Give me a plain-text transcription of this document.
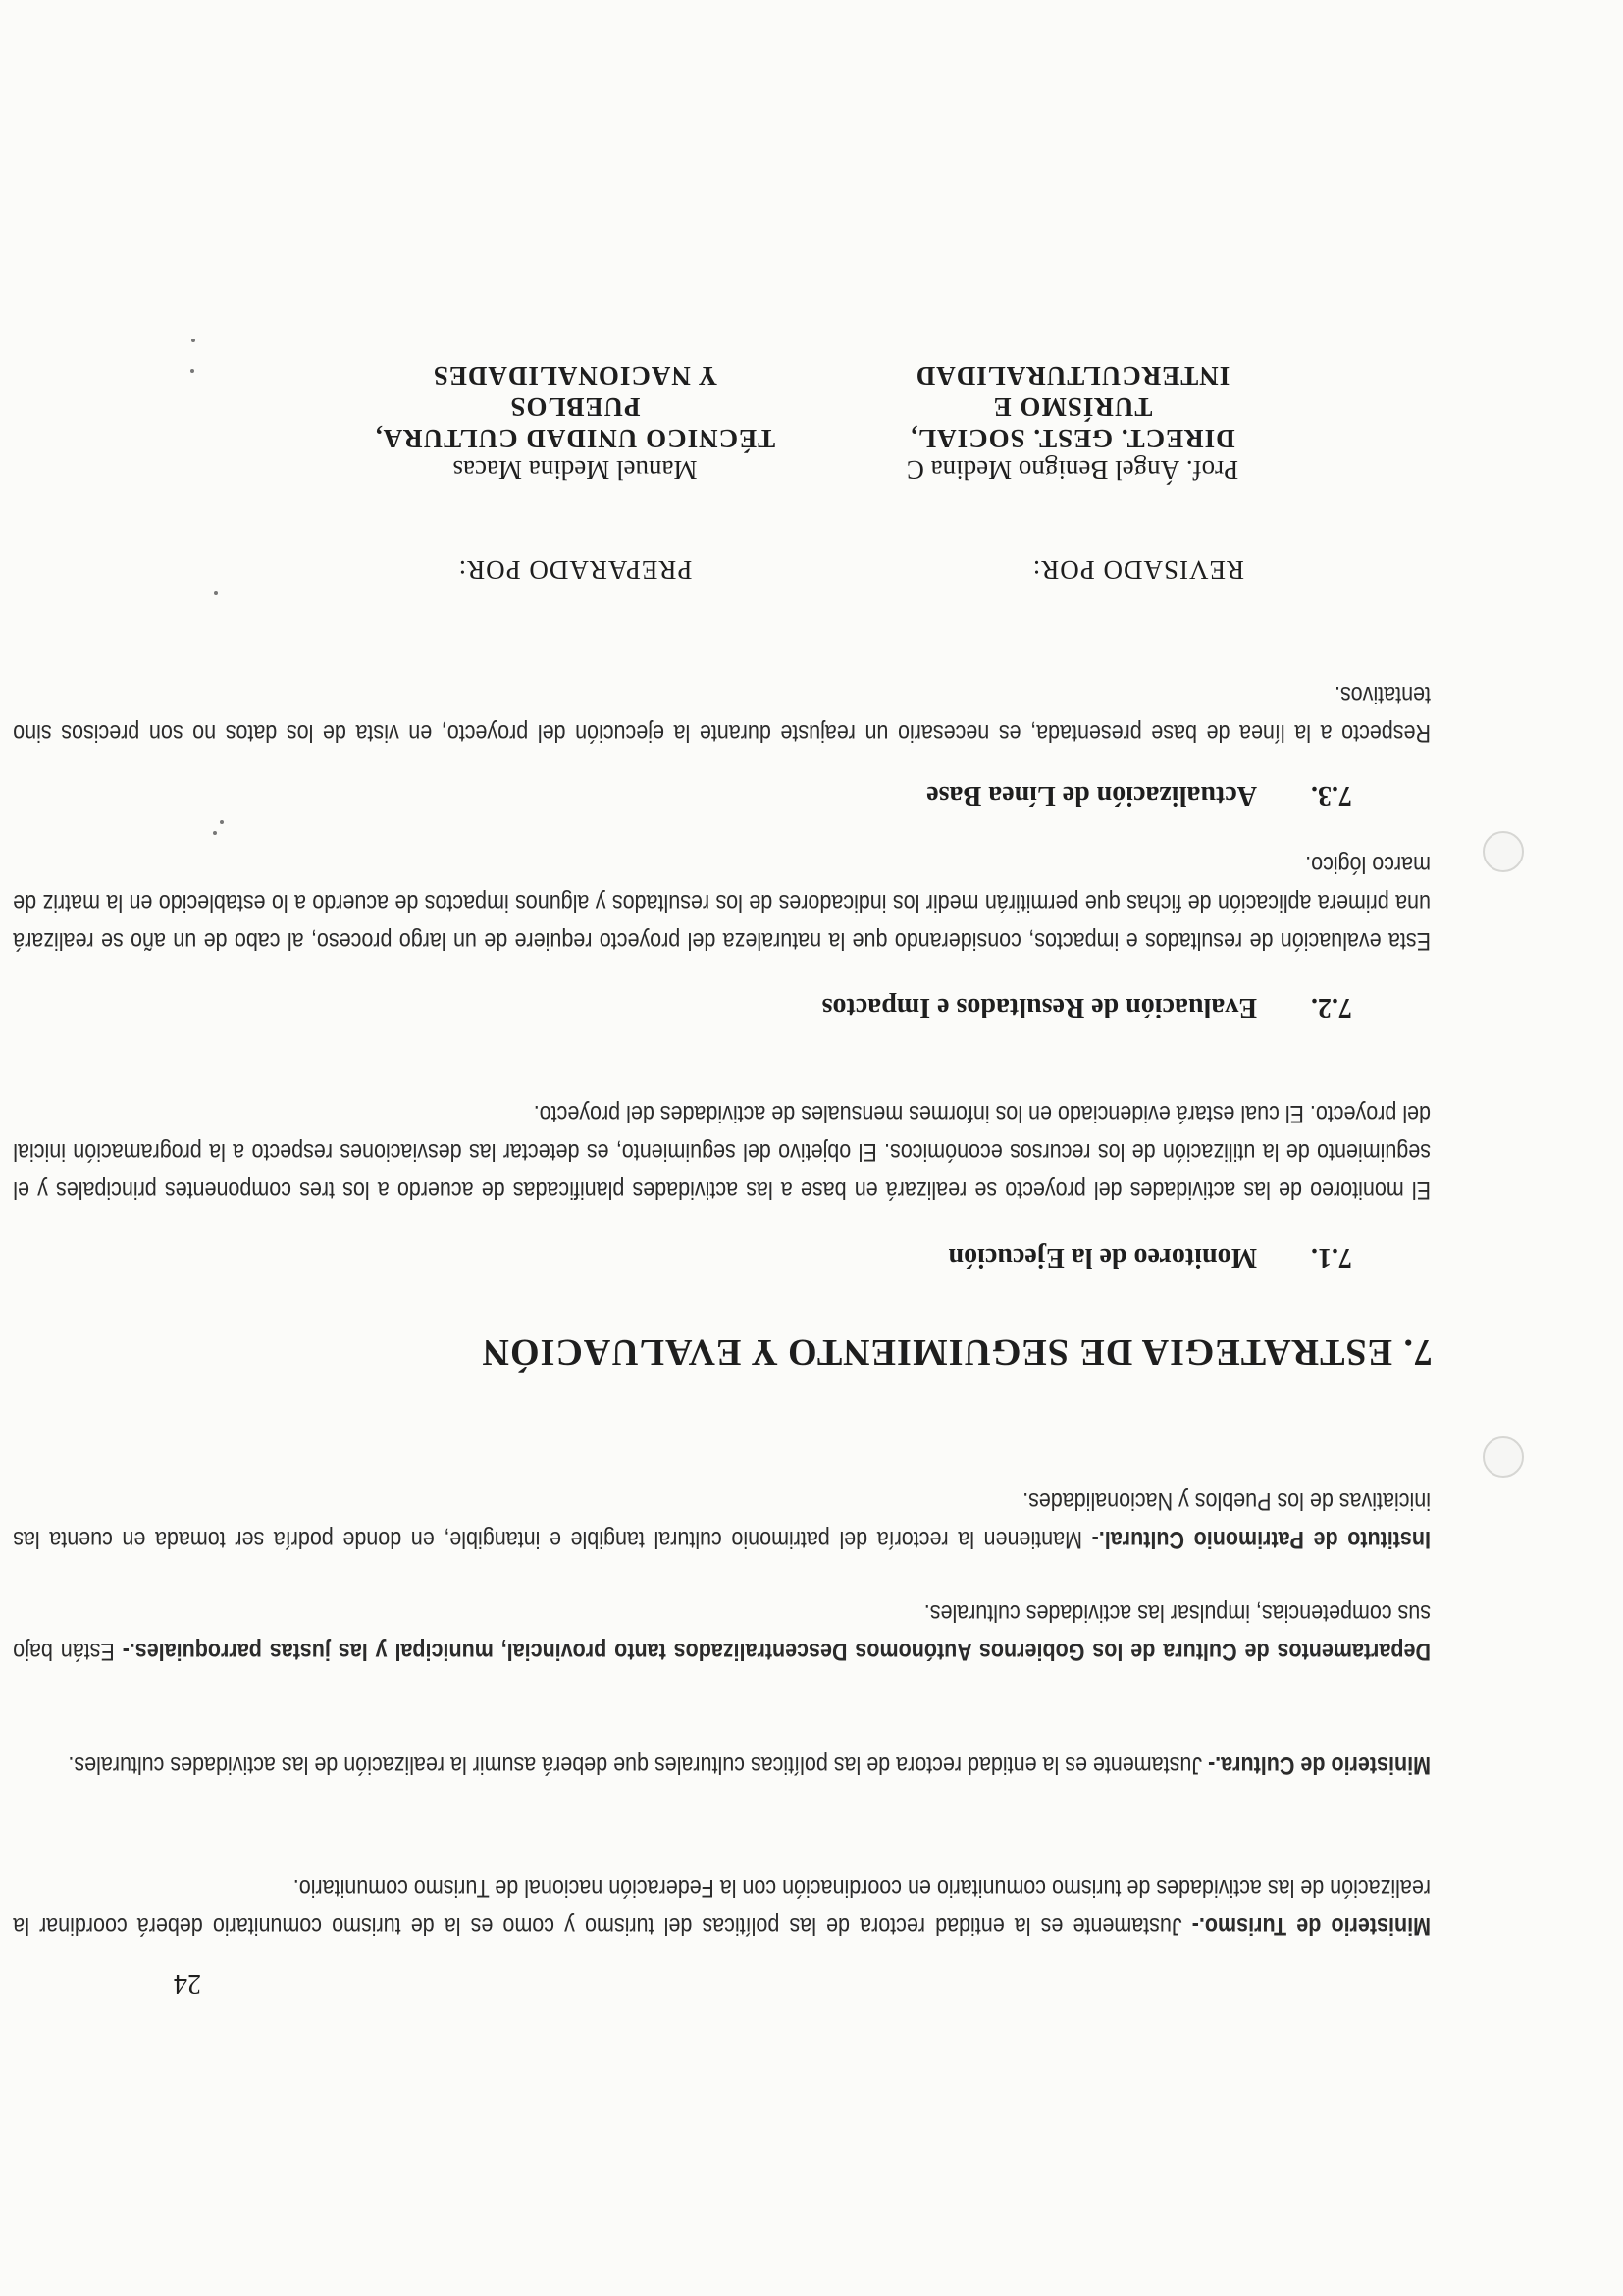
24

Ministerio de Turismo.- Justamente es la entidad rectora de las políticas del turismo y como es la de turismo comunitario deberá coordinar la realización de las actividades de turismo comunitario en coordinación con la Federación nacional de Turismo comunitario.

Ministerio de Cultura.- Justamente es la entidad rectora de las políticas culturales que deberá asumir la realización de las actividades culturales.

Departamentos de Cultura de los Gobiernos Autónomos Descentralizados tanto provincial, municipal y las justas parroquiales.- Están bajo sus competencias, impulsar las actividades culturales.

Instituto de Patrimonio Cultural.- Mantienen la rectoría del patrimonio cultural tangible e intangible, en donde podría ser tomada en cuenta las iniciativas de los Pueblos y Nacionalidades.

7. ESTRATEGIA DE SEGUIMIENTO Y EVALUACIÓN
7.1.Monitoreo de la Ejecución

El monitoreo de las actividades del proyecto se realizará en base a las actividades planificadas de acuerdo a los tres componentes principales y el seguimiento de la utilización de los recursos económicos. El objetivo del seguimiento, es detectar las desviaciones respecto a la programación inicial del proyecto. El cual estará evidenciado en los informes mensuales de actividades del proyecto.

7.2.Evaluación de Resultados e Impactos

Esta evaluación de resultados e impactos, considerando que la naturaleza del proyecto requiere de un largo proceso, al cabo de un año se realizará una primera aplicación de fichas que permitirán medir los indicadores de los resultados y algunos impactos de acuerdo a lo establecido en la matriz de marco lógico.

7.3.Actualización de Línea Base

Respecto a la línea de base presentada, es necesario un reajuste durante la ejecución del proyecto, en vista de los datos no son precisos sino tentativos.

REVISADO POR:
Prof. Ángel Benigno Medina C
DIRECT. GEST. SOCIAL, TURÍSMO E
INTERCULTURALIDAD
PREPARADO POR:
Manuel Medina Macas
TÉCNICO UNIDAD CULTURA, PUEBLOS
Y NACIONALIDADES
